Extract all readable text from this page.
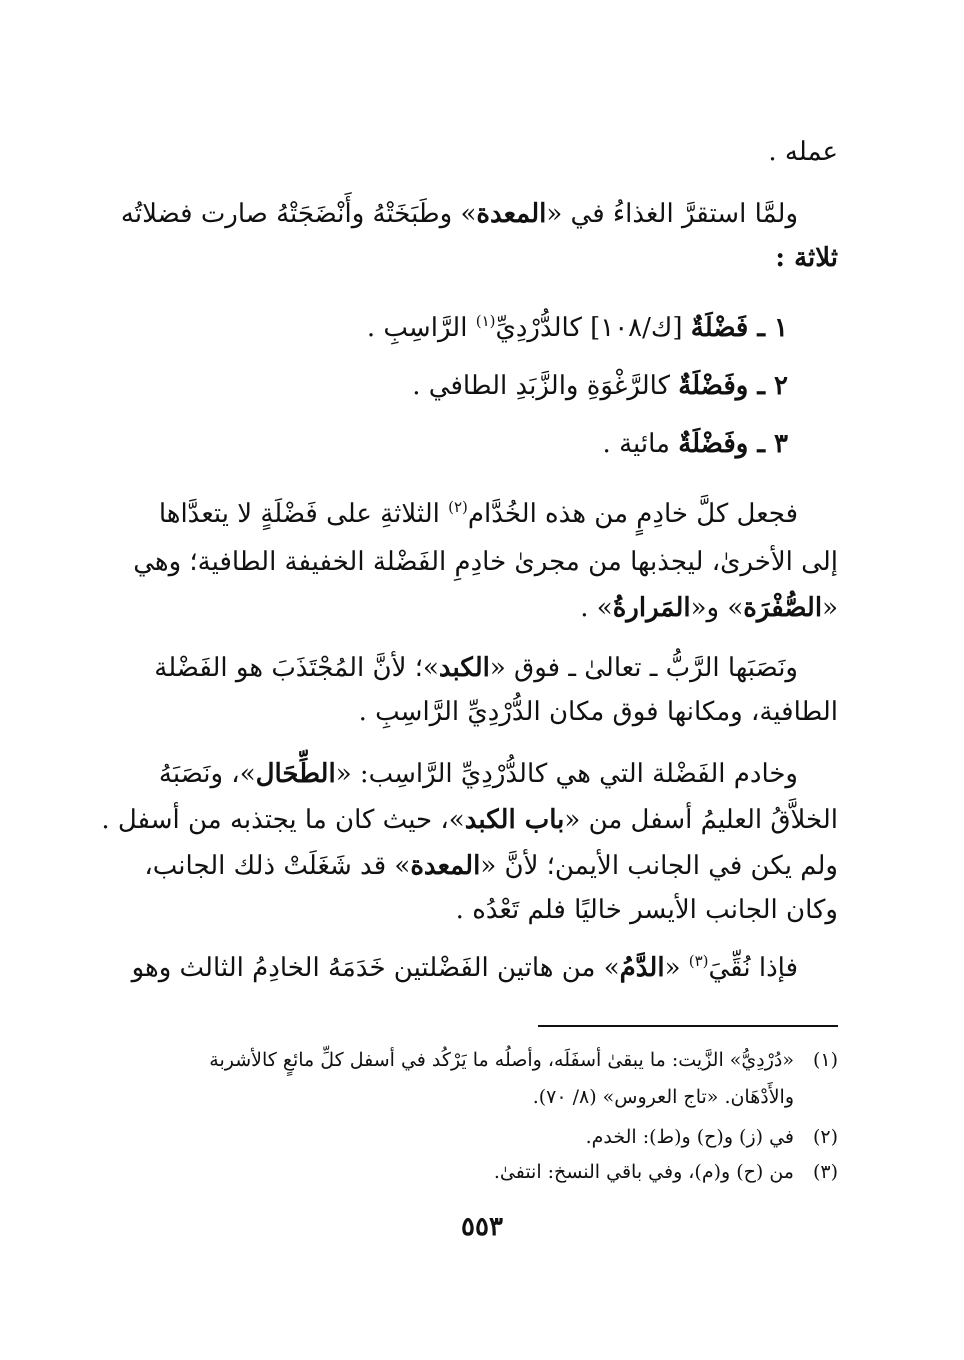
عمله .
ولمَّا استقرَّ الغذاءُ في «المعدة» وطَبَخَتْهُ وأَنْضَجَتْهُ صارت فضلاتُه
ثلاثة :
١ ـ فَضْلَةٌ [ك/١٠٨] كالدُّرْدِيِّ$^{(١)}$ الرَّاسِبِ .
٢ ـ وفَضْلَةٌ كالرَّغْوَةِ والزَّبَدِ الطافي .
٣ ـ وفَضْلَةٌ مائية .
فجعل كلَّ خادِمٍ من هذه الخُدَّام$^{(٢)}$ الثلاثةِ على فَضْلَةٍ لا يتعدَّاها
إلى الأخرىٰ، ليجذبها من مجرىٰ خادِمِ الفَضْلة الخفيفة الطافية؛ وهي
«الصُّفْرَة» و«المَرارةُ» .
ونَصَبَها الرَّبُّ ـ تعالىٰ ـ فوق «الكبد»؛ لأنَّ المُجْتَذَبَ هو الفَضْلة
الطافية، ومكانها فوق مكان الدُّرْدِيِّ الرَّاسِبِ .
وخادم الفَضْلة التي هي كالدُّرْدِيِّ الرَّاسِب: «الطِّحَال»، ونَصَبَهُ
الخلاَّقُ العليمُ أسفل من «باب الكبد»، حيث كان ما يجتذبه من أسفل .
ولم يكن في الجانب الأيمن؛ لأنَّ «المعدة» قد شَغَلَتْ ذلك الجانب،
وكان الجانب الأيسر خاليًا فلم تَعْدُه .
فإذا نُقِّيَ$^{(٣)}$ «الدَّمُ» من هاتين الفَضْلتين خَدَمَهُ الخادِمُ الثالث وهو
(١)«دُرْدِيُّ» الزَّيت: ما يبقىٰ أسفَلَه، وأصلُه ما يَرْكُد في أسفل كلِّ مائعٍ كالأشربة
والأَدْهَان. «تاج العروس» (٨/ ٧٠).
(٢)في (ز) و(ح) و(ط): الخدم.
(٣)من (ح) و(م)، وفي باقي النسخ: انتفىٰ.
٥٥٣
